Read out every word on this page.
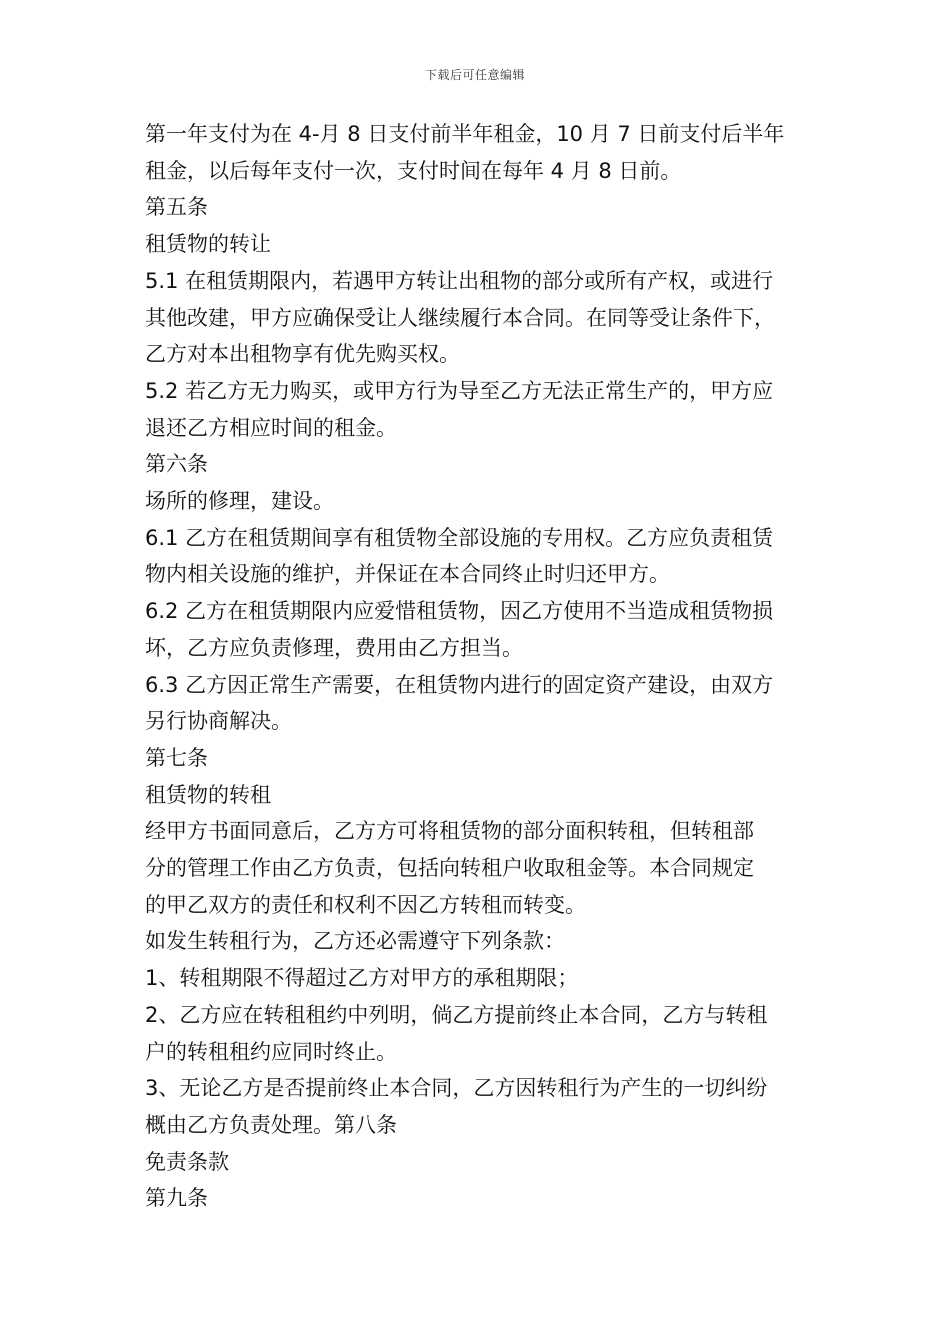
下载后可任意编辑

第一年支付为在 4-月 8 日支付前半年租金，10 月 7 日前支付后半年

租金，以后每年支付一次，支付时间在每年 4 月 8 日前。

第五条

租赁物的转让

5.1 在租赁期限内，若遇甲方转让出租物的部分或所有产权，或进行

其他改建，甲方应确保受让人继续履行本合同。在同等受让条件下，

乙方对本出租物享有优先购买权。

5.2 若乙方无力购买，或甲方行为导至乙方无法正常生产的，甲方应

退还乙方相应时间的租金。

第六条

场所的修理，建设。

6.1 乙方在租赁期间享有租赁物全部设施的专用权。乙方应负责租赁

物内相关设施的维护，并保证在本合同终止时归还甲方。

6.2 乙方在租赁期限内应爱惜租赁物，因乙方使用不当造成租赁物损

坏，乙方应负责修理，费用由乙方担当。

6.3 乙方因正常生产需要，在租赁物内进行的固定资产建设，由双方

另行协商解决。

第七条

租赁物的转租

经甲方书面同意后，乙方方可将租赁物的部分面积转租，但转租部

分的管理工作由乙方负责，包括向转租户收取租金等。本合同规定

的甲乙双方的责任和权利不因乙方转租而转变。

如发生转租行为，乙方还必需遵守下列条款：

1、转租期限不得超过乙方对甲方的承租期限；

2、乙方应在转租租约中列明，倘乙方提前终止本合同，乙方与转租

户的转租租约应同时终止。

3、无论乙方是否提前终止本合同，乙方因转租行为产生的一切纠纷

概由乙方负责处理。第八条

免责条款

第九条
